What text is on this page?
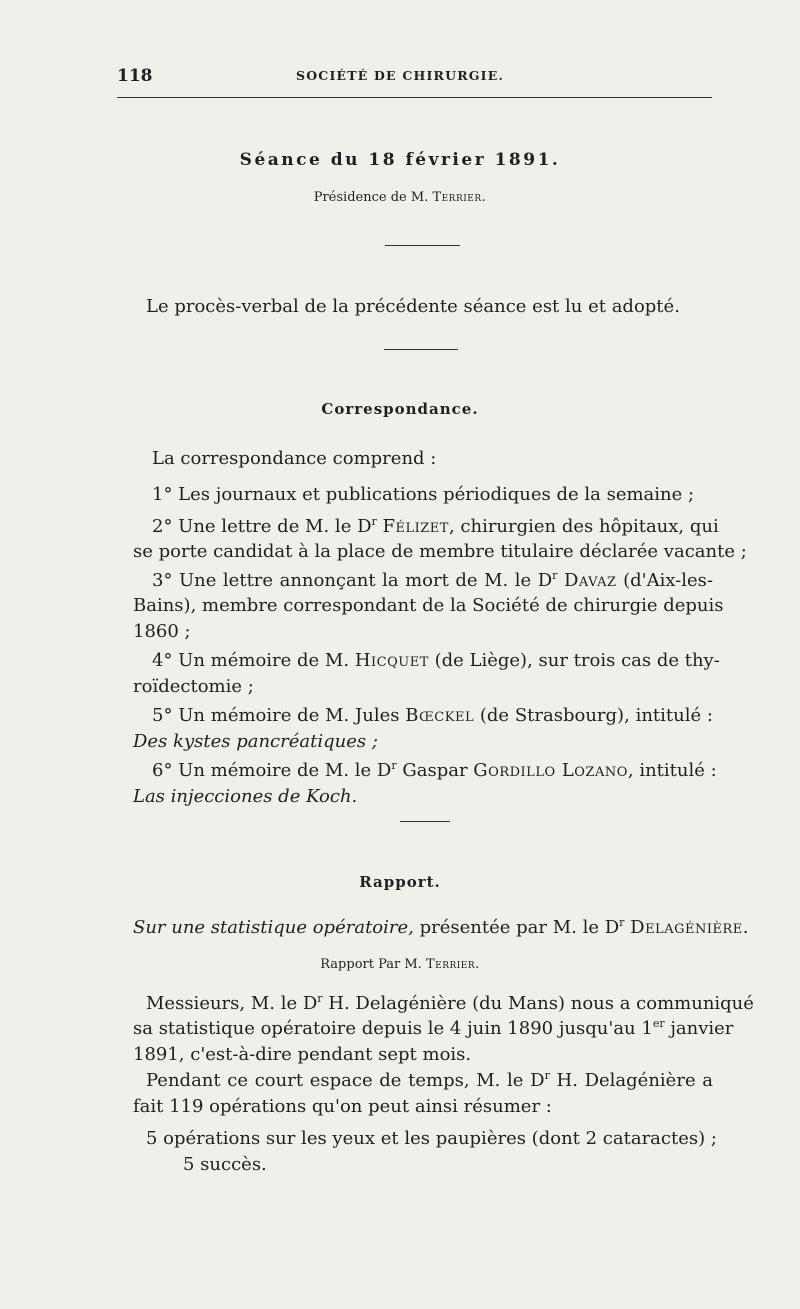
118	SOCIÉTÉ DE CHIRURGIE.
Séance du 18 février 1891.
Présidence de M. Terrier.
Le procès-verbal de la précédente séance est lu et adopté.
Correspondance.
La correspondance comprend :
1° Les journaux et publications périodiques de la semaine ;
2° Une lettre de M. le $D^r$ Félizet, chirurgien des hôpitaux, qui
se porte candidat à la place de membre titulaire déclarée vacante ;
3° Une lettre annonçant la mort de M. le $D^r$ Davaz (d'Aix-les-
Bains), membre correspondant de la Société de chirurgie depuis
1860 ;
4° Un mémoire de M. Hicquet (de Liège), sur trois cas de thy-
roïdectomie ;
5° Un mémoire de M. Jules Bœckel (de Strasbourg), intitulé :
Des kystes pancréatiques ;
6° Un mémoire de M. le $D^r$ Gaspar Gordillo Lozano, intitulé :
Las injecciones de Koch.
Rapport.
Sur une statistique opératoire, présentée par M. le $D^r$ Delagénière.
Rapport Par M. Terrier.
Messieurs, M. le $D^r$ H. Delagénière (du Mans) nous a communiqué
sa statistique opératoire depuis le 4 juin 1890 jusqu'au 1er janvier
1891, c'est-à-dire pendant sept mois.
Pendant ce court espace de temps, M. le $D^r$ H. Delagénière a
fait 119 opérations qu'on peut ainsi résumer :
5 opérations sur les yeux et les paupières (dont 2 cataractes) ;
5 succès.
